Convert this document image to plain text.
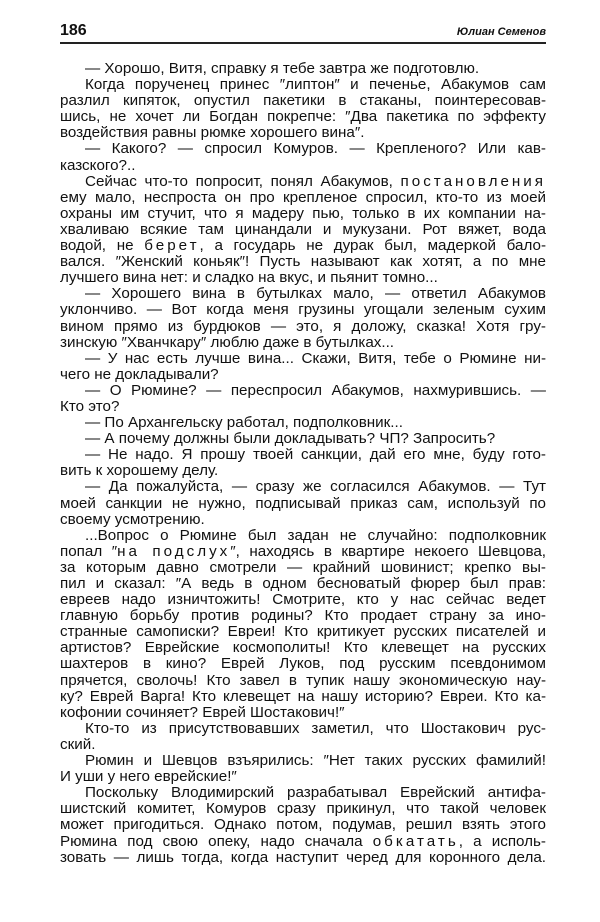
186	Юлиан Семенов
— Хорошо, Витя, справку я тебе завтра же подготовлю.
Когда порученец принес ″липтон″ и печенье, Абакумов сам
разлил кипяток, опустил пакетики в стаканы, поинтересовав-
шись, не хочет ли Богдан покрепче: ″Два пакетика по эффекту
воздействия равны рюмке хорошего вина″.
— Какого? — спросил Комуров. — Крепленого? Или кав-
казского?..
Сейчас что-то попросит, понял Абакумов, постановления
ему мало, неспроста он про крепленое спросил, кто-то из моей
охраны им стучит, что я мадеру пью, только в их компании на-
хваливаю всякие там цинандали и мукузани. Рот вяжет, вода
водой, не берет, а государь не дурак был, мадеркой бало-
вался. ″Женский коньяк″! Пусть называют как хотят, а по мне
лучшего вина нет: и сладко на вкус, и пьянит томно...
— Хорошего вина в бутылках мало, — ответил Абакумов
уклончиво. — Вот когда меня грузины угощали зеленым сухим
вином прямо из бурдюков — это, я доложу, сказка! Хотя гру-
зинскую ″Хванчкару″ люблю даже в бутылках...
— У нас есть лучше вина... Скажи, Витя, тебе о Рюмине ни-
чего не докладывали?
— О Рюмине? — переспросил Абакумов, нахмурившись. —
Кто это?
— По Архангельску работал, подполковник...
— А почему должны были докладывать? ЧП? Запросить?
— Не надо. Я прошу твоей санкции, дай его мне, буду гото-
вить к хорошему делу.
— Да пожалуйста, — сразу же согласился Абакумов. — Тут
моей санкции не нужно, подписывай приказ сам, используй по
своему усмотрению.
...Вопрос о Рюмине был задан не случайно: подполковник
попал ″на подслух″, находясь в квартире некоего Шевцова,
за которым давно смотрели — крайний шовинист; крепко вы-
пил и сказал: ″А ведь в одном бесноватый фюрер был прав:
евреев надо изничтожить! Смотрите, кто у нас сейчас ведет
главную борьбу против родины? Кто продает страну за ино-
странные самописки? Евреи! Кто критикует русских писателей и
артистов? Еврейские космополиты! Кто клевещет на русских
шахтеров в кино? Еврей Луков, под русским псевдонимом
прячется, сволочь! Кто завел в тупик нашу экономическую нау-
ку? Еврей Варга! Кто клевещет на нашу историю? Евреи. Кто ка-
кофонии сочиняет? Еврей Шостакович!″
Кто-то из присутствовавших заметил, что Шостакович рус-
ский.
Рюмин и Шевцов взъярились: ″Нет таких русских фамилий!
И уши у него еврейские!″
Поскольку Влодимирский разрабатывал Еврейский антифа-
шистский комитет, Комуров сразу прикинул, что такой человек
может пригодиться. Однако потом, подумав, решил взять этого
Рюмина под свою опеку, надо сначала обкатать, а исполь-
зовать — лишь тогда, когда наступит черед для коронного дела.
